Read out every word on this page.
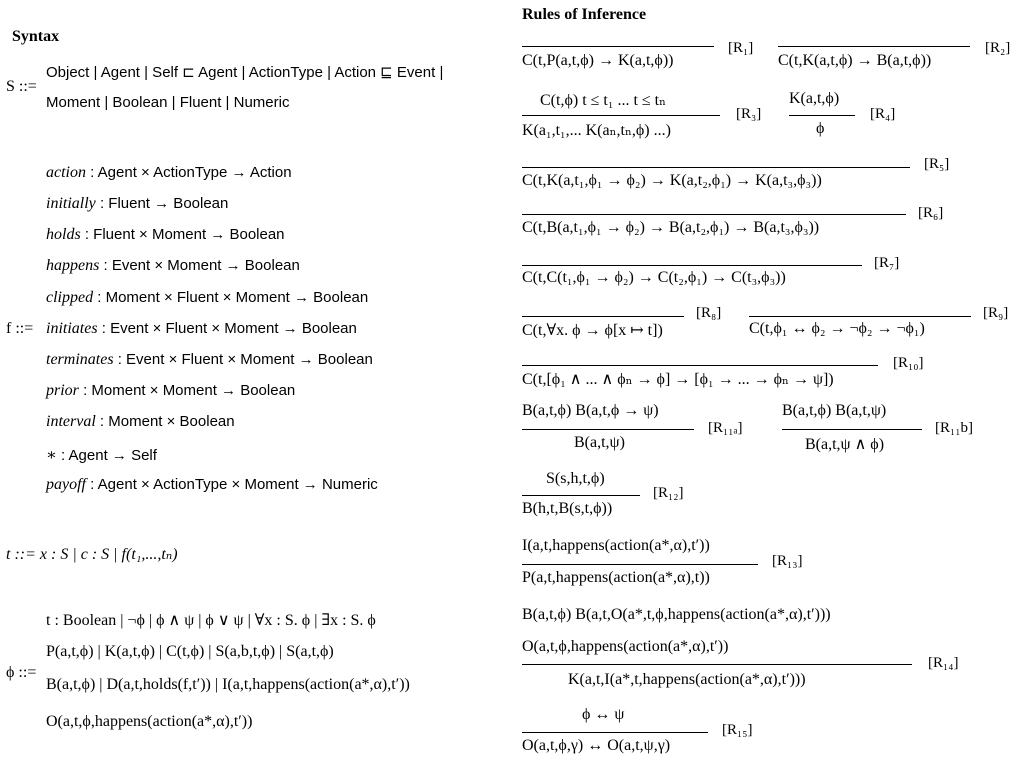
Syntax
S ::=
Object | Agent | Self ⊏ Agent | ActionType | Action ⊑ Event |
Moment | Boolean | Fluent | Numeric
f ::=
action : Agent × ActionType → Action
initially : Fluent → Boolean
holds : Fluent × Moment → Boolean
happens : Event × Moment → Boolean
clipped : Moment × Fluent × Moment → Boolean
initiates : Event × Fluent × Moment → Boolean
terminates : Event × Fluent × Moment → Boolean
prior : Moment × Moment → Boolean
interval : Moment × Boolean
∗ : Agent → Self
payoff : Agent × ActionType × Moment → Numeric
t ::= x : S | c : S | f(t₁,...,tₙ)
ϕ ::=
t : Boolean | ¬ϕ | ϕ ∧ ψ | ϕ ∨ ψ | ∀x : S. ϕ | ∃x : S. ϕ
P(a,t,ϕ) | K(a,t,ϕ) | C(t,ϕ) | S(a,b,t,ϕ) | S(a,t,ϕ)
B(a,t,ϕ) | D(a,t,holds(f,t′)) | I(a,t,happens(action(a*,α),t′))
O(a,t,ϕ,happens(action(a*,α),t′))
Rules of Inference
C(t,P(a,t,ϕ) → K(a,t,ϕ))
[R₁]
C(t,K(a,t,ϕ) → B(a,t,ϕ))
[R₂]
C(t,ϕ) t ≤ t₁ ... t ≤ tₙ
K(a₁,t₁,... K(aₙ,tₙ,ϕ) ...)
[R₃]
K(a,t,ϕ)
ϕ
[R₄]
C(t,K(a,t₁,ϕ₁ → ϕ₂) → K(a,t₂,ϕ₁) → K(a,t₃,ϕ₃))
[R₅]
C(t,B(a,t₁,ϕ₁ → ϕ₂) → B(a,t₂,ϕ₁) → B(a,t₃,ϕ₃))
[R₆]
C(t,C(t₁,ϕ₁ → ϕ₂) → C(t₂,ϕ₁) → C(t₃,ϕ₃))
[R₇]
C(t,∀x. ϕ → ϕ[x ↦ t])
[R₈]
C(t,ϕ₁ ↔ ϕ₂ → ¬ϕ₂ → ¬ϕ₁)
[R₉]
C(t,[ϕ₁ ∧ ... ∧ ϕₙ → ϕ] → [ϕ₁ → ... → ϕₙ → ψ])
[R₁₀]
B(a,t,ϕ) B(a,t,ϕ → ψ)
B(a,t,ψ)
[R₁₁ₐ]
B(a,t,ϕ) B(a,t,ψ)
B(a,t,ψ ∧ ϕ)
[R₁₁b]
S(s,h,t,ϕ)
B(h,t,B(s,t,ϕ))
[R₁₂]
I(a,t,happens(action(a*,α),t′))
P(a,t,happens(action(a*,α),t))
[R₁₃]
B(a,t,ϕ) B(a,t,O(a*,t,ϕ,happens(action(a*,α),t′)))
O(a,t,ϕ,happens(action(a*,α),t′))
K(a,t,I(a*,t,happens(action(a*,α),t′)))
[R₁₄]
ϕ ↔ ψ
O(a,t,ϕ,γ) ↔ O(a,t,ψ,γ)
[R₁₅]
